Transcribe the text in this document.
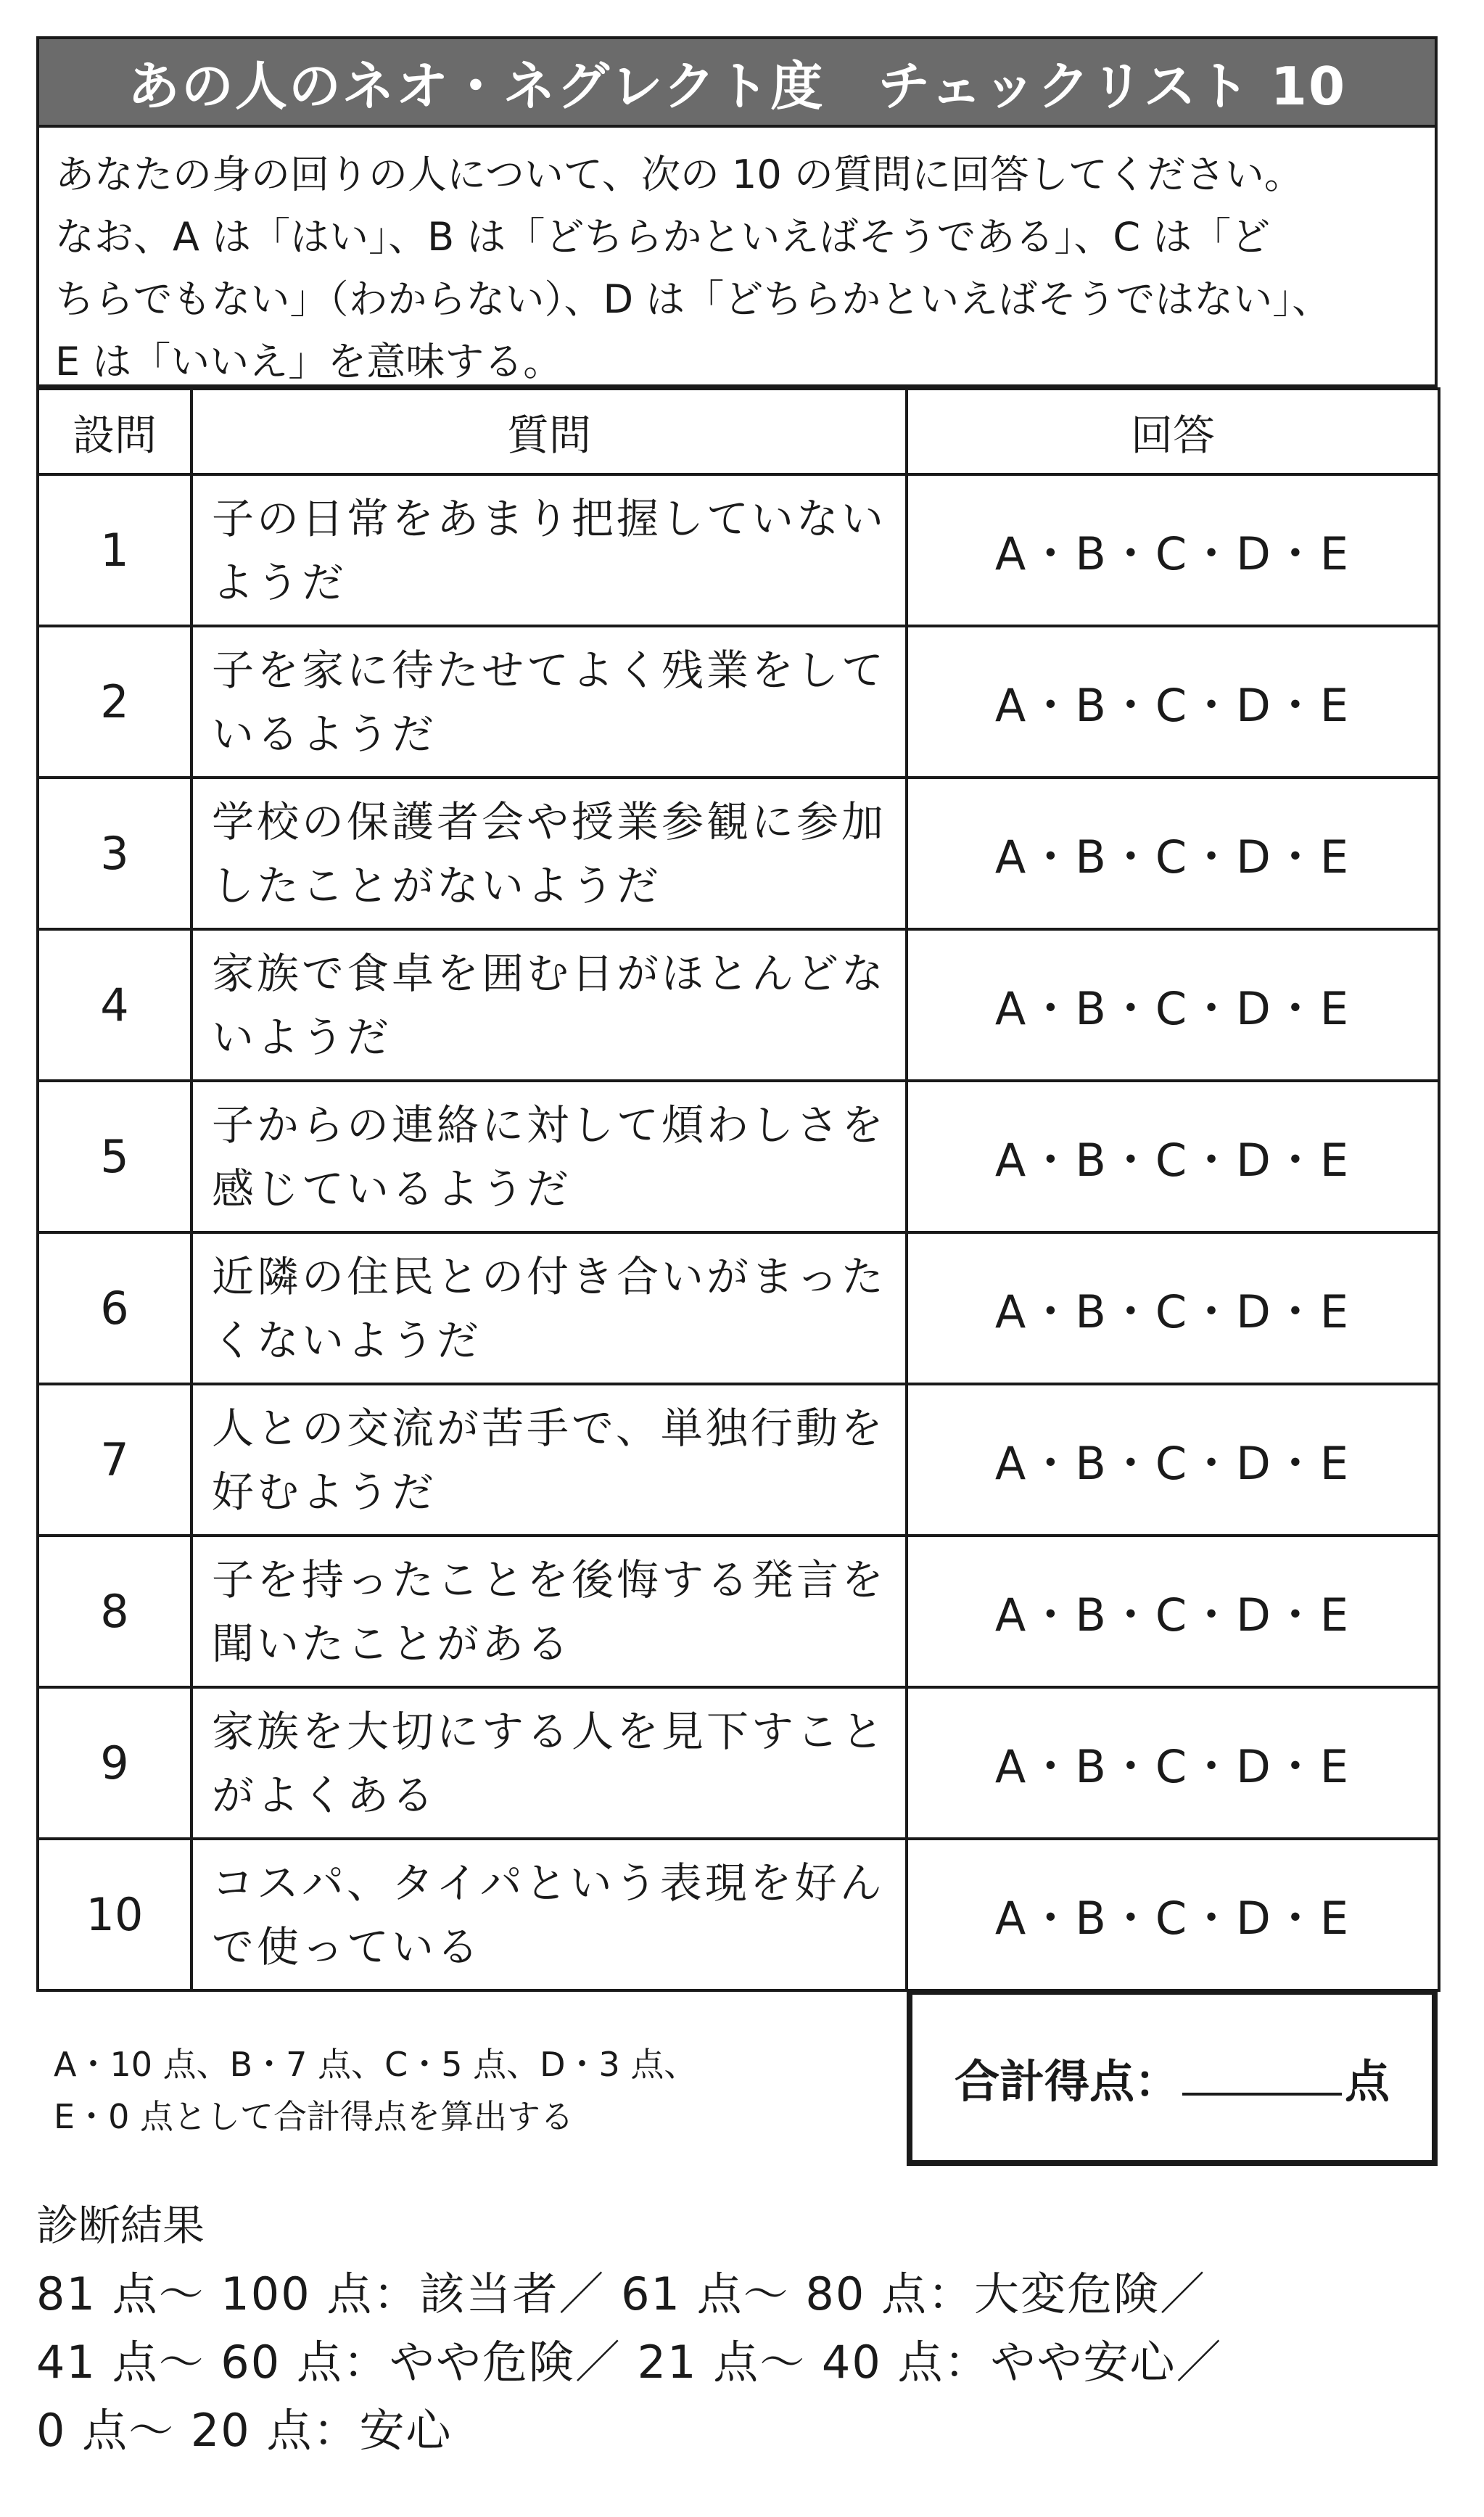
あの人のネオ・ネグレクト度　チェックリスト 10
あなたの身の回りの人について、次の 10 の質問に回答してください。
なお、A は「はい」、B は「どちらかといえばそうである」、C は「ど
ちらでもない」（わからない）、D は「どちらかといえばそうではない」、
E は「いいえ」を意味する。
設問	質問	回答
1	子の日常をあまり把握していないようだ	A・B・C・D・E
2	子を家に待たせてよく残業をしているようだ	A・B・C・D・E
3	学校の保護者会や授業参観に参加したことがないようだ	A・B・C・D・E
4	家族で食卓を囲む日がほとんどないようだ	A・B・C・D・E
5	子からの連絡に対して煩わしさを感じているようだ	A・B・C・D・E
6	近隣の住民との付き合いがまったくないようだ	A・B・C・D・E
7	人との交流が苦手で、単独行動を好むようだ	A・B・C・D・E
8	子を持ったことを後悔する発言を聞いたことがある	A・B・C・D・E
9	家族を大切にする人を見下すことがよくある	A・B・C・D・E
10	コスパ、タイパという表現を好んで使っている	A・B・C・D・E
A・10 点、B・7 点、C・5 点、D・3 点、
E・0 点として合計得点を算出する
合計得点：	点
診断結果
81 点〜 100 点：該当者／ 61 点〜 80 点：大変危険／
41 点〜 60 点：やや危険／ 21 点〜 40 点：やや安心／
0 点〜 20 点：安心
